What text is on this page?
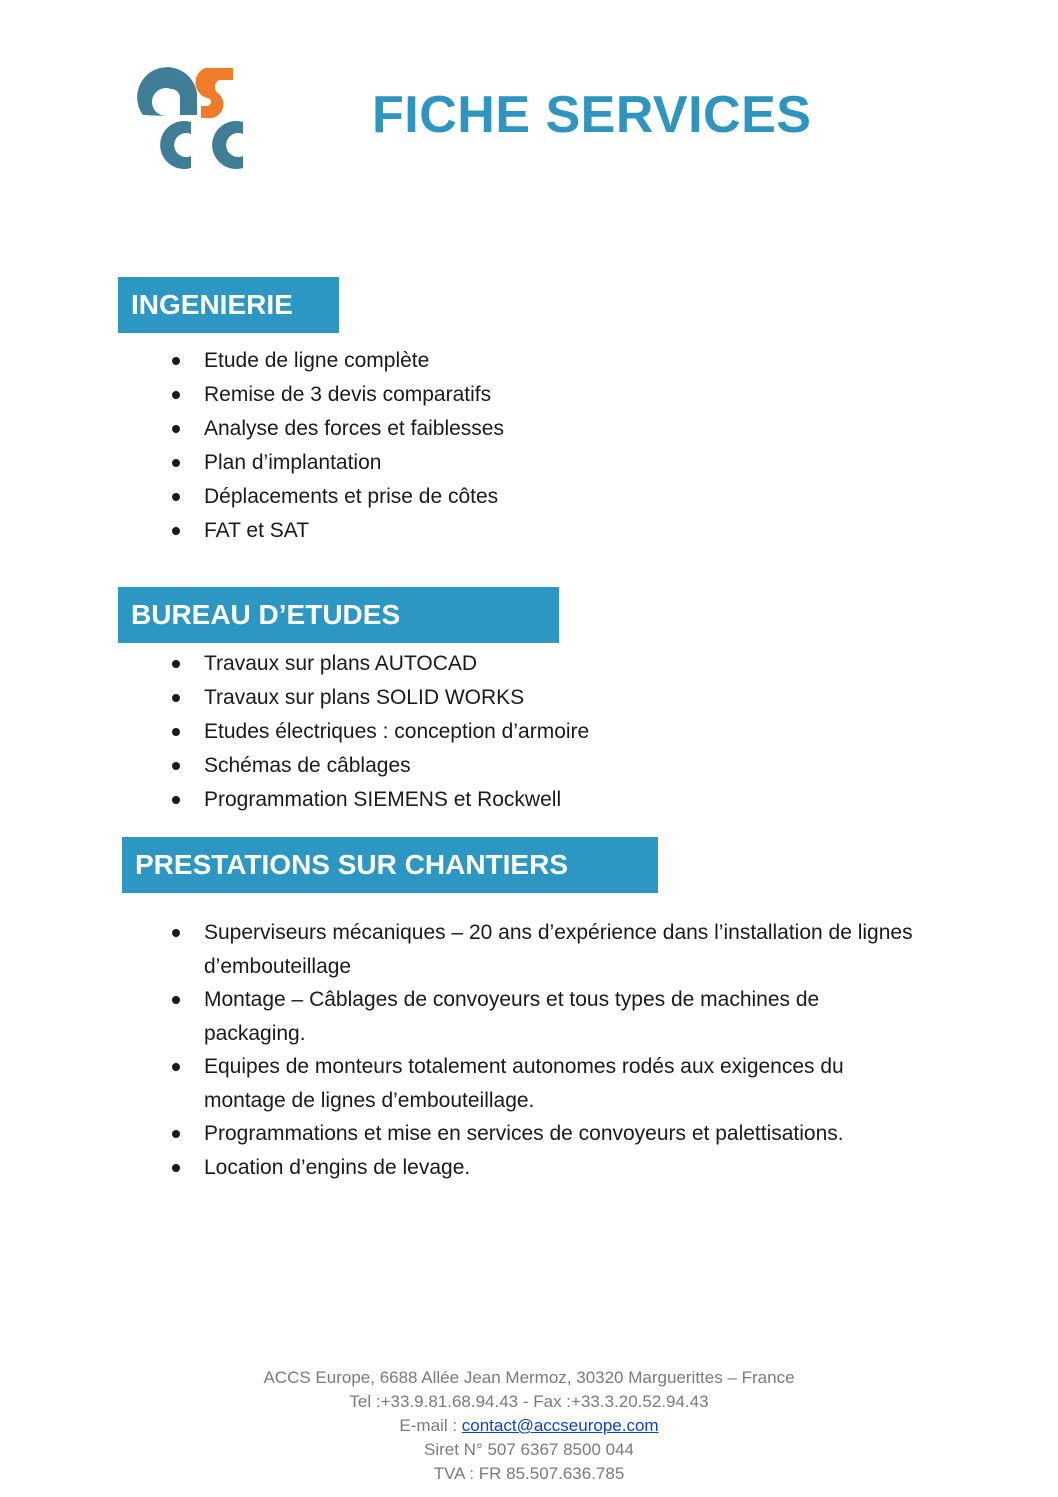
FICHE SERVICES
INGENIERIE
Etude de ligne complète
Remise de 3 devis comparatifs
Analyse des forces et faiblesses
Plan d’implantation
Déplacements et prise de côtes
FAT et SAT
BUREAU D’ETUDES
Travaux sur plans AUTOCAD
Travaux sur plans SOLID WORKS
Etudes électriques : conception d’armoire
Schémas de câblages
Programmation SIEMENS et Rockwell
PRESTATIONS SUR CHANTIERS
Superviseurs mécaniques – 20 ans d’expérience dans l’installation de lignes d’embouteillage
Montage – Câblages de convoyeurs et tous types de machines de packaging.
Equipes de monteurs totalement autonomes rodés aux exigences du montage de lignes d’embouteillage.
Programmations et mise en services de convoyeurs et palettisations.
Location d’engins de levage.
ACCS Europe, 6688 Allée Jean Mermoz, 30320 Marguerittes – France
Tel :+33.9.81.68.94.43 - Fax :+33.3.20.52.94.43
E-mail : contact@accseurope.com
Siret N° 507 6367 8500 044
TVA : FR 85.507.636.785
